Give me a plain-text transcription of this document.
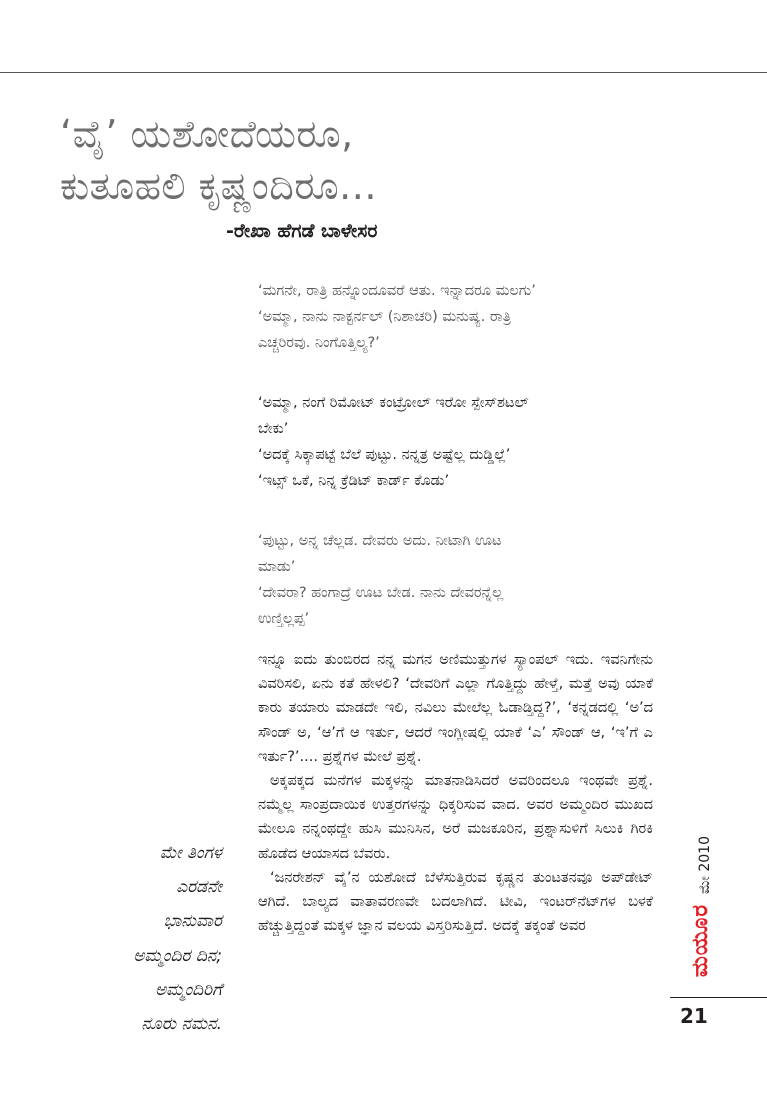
‘ವೈ’ ಯಶೋದೆಯರೂ,
ಕುತೂಹಲಿ ಕೃಷ್ಣಂದಿರೂ...
-ರೇಖಾ ಹೆಗಡೆ ಬಾಳೇಸರ

‘ಮಗನೇ, ರಾತ್ರಿ ಹನ್ನೊಂದೂವರೆ ಆತು. ಇನ್ನಾದರೂ ಮಲಗು’

‘ಅಮ್ಮಾ, ನಾನು ನಾಕ್ಟರ್ನಲ್ (ನಿಶಾಚರಿ) ಮನುಷ್ಯ. ರಾತ್ರಿ

ಎಚ್ಚರಿರವು. ನಿಂಗೊತ್ತಿಲ್ಯ?’

‘ಅಮ್ಮಾ, ನಂಗೆ ರಿಮೋಟ್ ಕಂಟ್ರೋಲ್ ಇರೋ ಸ್ಪೇಸ್‌ಶಟಲ್

ಬೇಕು’

‘ಅದಕ್ಕೆ ಸಿಕ್ಕಾಪಟ್ಟೆ ಬೆಲೆ ಪುಟ್ಟು. ನನ್ನತ್ರ ಅಷ್ಟೆಲ್ಲ ದುಡ್ಡಿಲ್ಲೆ’

‘ಇಟ್ಸ್ ಒಕೆ, ನಿನ್ನ ಕ್ರೆಡಿಟ್ ಕಾರ್ಡ್ ಕೊಡು’

‘ಪುಟ್ಟು, ಅನ್ನ ಚೆಲ್ಲಡ. ದೇವರು ಅದು. ನೀಟಾಗಿ ಊಟ

ಮಾಡು’

‘ದೇವರಾ? ಹಂಗಾದ್ರೆ ಊಟ ಬೇಡ. ನಾನು ದೇವರನ್ನೆಲ್ಲ

ಉಣ್ತಿಲ್ಲಪ್ಪ’

ಇನ್ನೂ ಐದು ತುಂಬಿರದ ನನ್ನ ಮಗನ ಅಣಿಮುತ್ತುಗಳ ಸ್ಯಾಂಪಲ್ ಇದು. ಇವನಿಗೇನು ವಿವರಿಸಲಿ, ಏನು ಕತೆ ಹೇಳಲಿ? ‘ದೇವರಿಗೆ ಎಲ್ಲಾ ಗೊತ್ತಿದ್ದು ಹೇಳ್ತೆ, ಮತ್ತೆ ಅವು ಯಾಕೆ ಕಾರು ತಯಾರು ಮಾಡದೇ ಇಲಿ, ನವಿಲು ಮೇಲೆಲ್ಲ ಓಡಾಡ್ತಿದ್ದ?’, ‘ಕನ್ನಡದಲ್ಲಿ ‘ಅ’ದ ಸೌಂಡ್ ಅ, ‘ಆ’ಗೆ ಆ ಇರ್ತು, ಆದರೆ ಇಂಗ್ಲೀಷಲ್ಲಿ ಯಾಕೆ ‘ಎ’ ಸೌಂಡ್ ಆ, ‘ಇ’ಗೆ ಎ ಇರ್ತು?’.... ಪ್ರಶ್ನೆಗಳ ಮೇಲೆ ಪ್ರಶ್ನೆ.

ಅಕ್ಕಪಕ್ಕದ ಮನೆಗಳ ಮಕ್ಕಳನ್ನು ಮಾತನಾಡಿಸಿದರೆ ಅವರಿಂದಲೂ ಇಂಥವೇ ಪ್ರಶ್ನೆ. ನಮ್ಮೆಲ್ಲ ಸಾಂಪ್ರದಾಯಿಕ ಉತ್ತರಗಳನ್ನು ಧಿಕ್ಕರಿಸುವ ವಾದ. ಅವರ ಅಮ್ಮಂದಿರ ಮುಖದ ಮೇಲೂ ನನ್ನಂಥದ್ದೇ ಹುಸಿ ಮುನಿಸಿನ, ಅರೆ ಮಜಕೂರಿನ, ಪ್ರಶ್ನಾಸುಳಿಗೆ ಸಿಲುಕಿ ಗಿರಕಿ ಹೊಡೆದ ಆಯಾಸದ ಬೆವರು.

‘ಜನರೇಶನ್ ವೈ’ನ ಯಶೋದೆ ಬೆಳೆಸುತ್ತಿರುವ ಕೃಷ್ಣನ ತುಂಟತನವೂ ಅಪ್‌ಡೇಟ್ ಆಗಿದೆ. ಬಾಲ್ಯದ ವಾತಾವರಣವೇ ಬದಲಾಗಿದೆ. ಟೀವಿ, ಇಂಟರ್‌ನೆಟ್‌ಗಳ ಬಳಕೆ ಹೆಚ್ಚುತ್ತಿದ್ದಂತೆ ಮಕ್ಕಳ ಜ್ಞಾನ ವಲಯ ವಿಸ್ತರಿಸುತ್ತಿದೆ. ಅದಕ್ಕೆ ತಕ್ಕಂತೆ ಅವರ

ಮೇ ತಿಂಗಳ
ಎರಡನೇ
ಭಾನುವಾರ
ಅಮ್ಮಂದಿರ ದಿನ;
ಅಮ್ಮಂದಿರಿಗೆ
ನೂರು ನಮನ.
ಮೇ 2010
ಮಯೂರ
21
